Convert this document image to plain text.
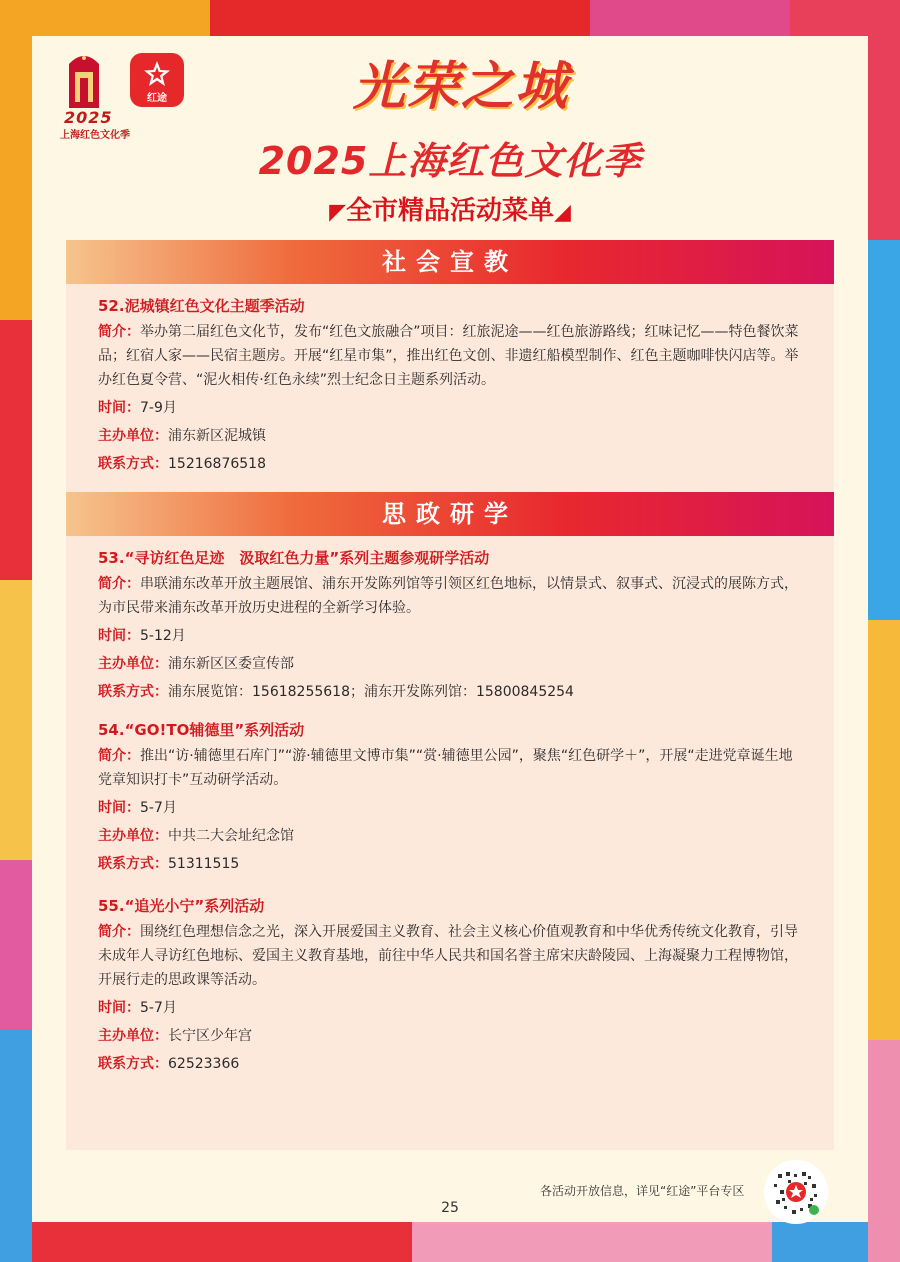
2025
上海红色文化季
红途	光荣之城
2025上海红色文化季
◤全市精品活动菜单◢
社会宣教
52.泥城镇红色文化主题季活动
简介：举办第二届红色文化节，发布“红色文旅融合”项目：红旅泥途——红色旅游路线；红味记忆——特色餐饮菜品；红宿人家——民宿主题房。开展“红星市集”，推出红色文创、非遗红船模型制作、红色主题咖啡快闪店等。举办红色夏令营、“泥火相传·红色永续”烈士纪念日主题系列活动。
时间：7-9月
主办单位：浦东新区泥城镇
联系方式：15216876518
思政研学
53.“寻访红色足迹　汲取红色力量”系列主题参观研学活动
简介：串联浦东改革开放主题展馆、浦东开发陈列馆等引领区红色地标，以情景式、叙事式、沉浸式的展陈方式，为市民带来浦东改革开放历史进程的全新学习体验。
时间：5-12月
主办单位：浦东新区区委宣传部
联系方式：浦东展览馆：15618255618；浦东开发陈列馆：15800845254
54.“GO!TO辅德里”系列活动
简介：推出“访·辅德里石库门”“游·辅德里文博市集”“赏·辅德里公园”，聚焦“红色研学＋”，开展“走进党章诞生地 党章知识打卡”互动研学活动。
时间：5-7月
主办单位：中共二大会址纪念馆
联系方式：51311515
55.“追光小宁”系列活动
简介：围绕红色理想信念之光，深入开展爱国主义教育、社会主义核心价值观教育和中华优秀传统文化教育，引导未成年人寻访红色地标、爱国主义教育基地，前往中华人民共和国名誉主席宋庆龄陵园、上海凝聚力工程博物馆，开展行走的思政课等活动。
时间：5-7月
主办单位：长宁区少年宫
联系方式：62523366
各活动开放信息，详见“红途”平台专区
25
